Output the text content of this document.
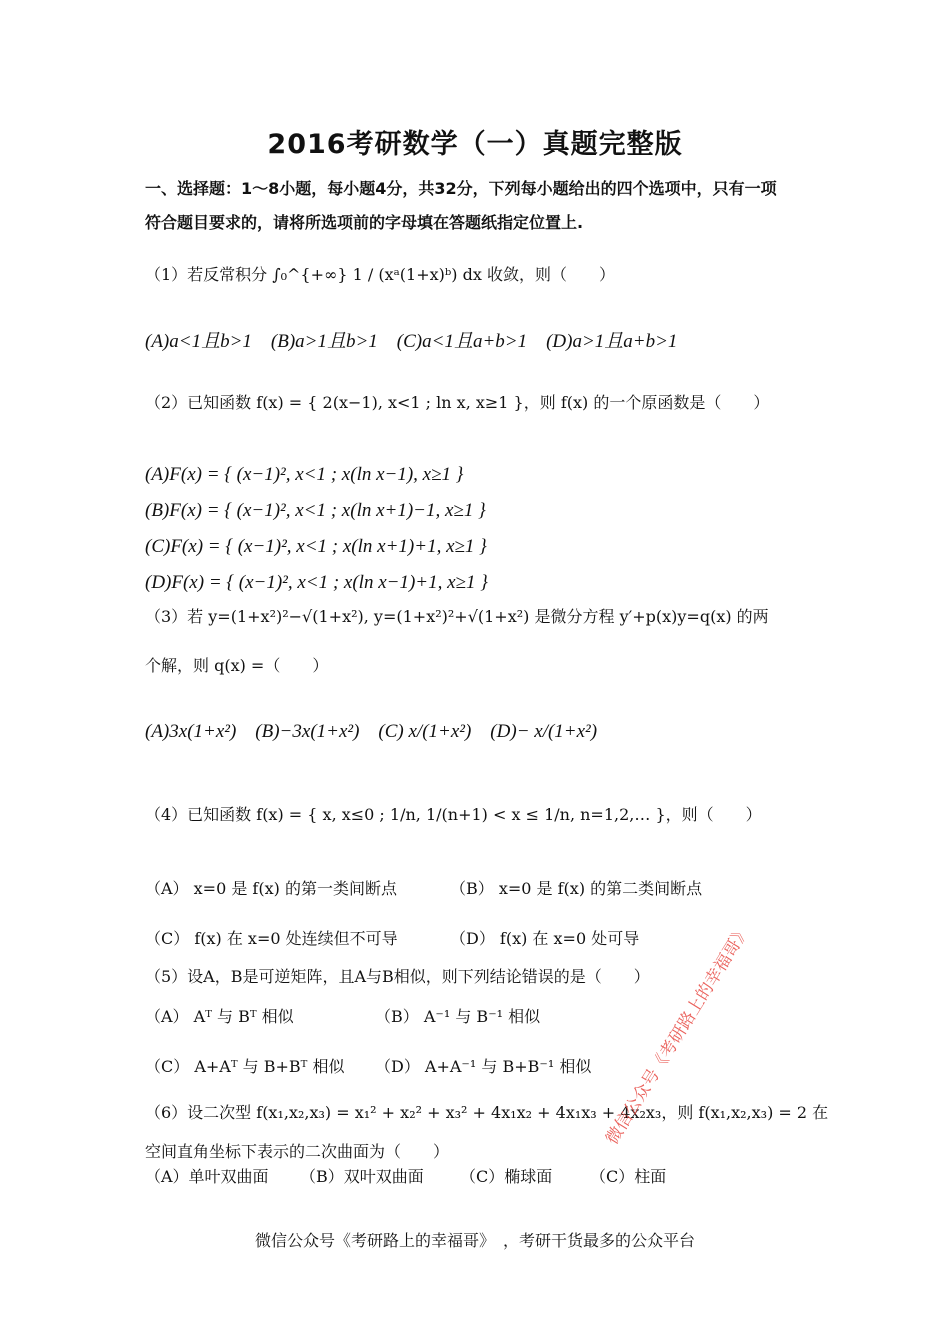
2016考研数学（一）真题完整版
一、选择题：1～8小题，每小题4分，共32分，下列每小题给出的四个选项中，只有一项
符合题目要求的，请将所选项前的字母填在答题纸指定位置上.
（1）若反常积分 ∫₀^{+∞} 1 / (xᵃ(1+x)ᵇ) dx 收敛，则（　　）
(A)a<1且b>1　(B)a>1且b>1　(C)a<1且a+b>1　(D)a>1且a+b>1
（2）已知函数 f(x) = { 2(x−1), x<1 ; ln x, x≥1 }，则 f(x) 的一个原函数是（　　）
(A)F(x) = { (x−1)², x<1 ; x(ln x−1), x≥1 }
(B)F(x) = { (x−1)², x<1 ; x(ln x+1)−1, x≥1 }
(C)F(x) = { (x−1)², x<1 ; x(ln x+1)+1, x≥1 }
(D)F(x) = { (x−1)², x<1 ; x(ln x−1)+1, x≥1 }
（3）若 y=(1+x²)²−√(1+x²), y=(1+x²)²+√(1+x²) 是微分方程 y′+p(x)y=q(x) 的两
个解，则 q(x) =（　　）
(A)3x(1+x²)　(B)−3x(1+x²)　(C) x/(1+x²)　(D)− x/(1+x²)
（4）已知函数 f(x) = { x, x≤0 ; 1/n, 1/(n+1) < x ≤ 1/n, n=1,2,… }，则（　　）
（A） x=0 是 f(x) 的第一类间断点	（B） x=0 是 f(x) 的第二类间断点
（C） f(x) 在 x=0 处连续但不可导	（D） f(x) 在 x=0 处可导
（5）设A，B是可逆矩阵，且A与B相似，则下列结论错误的是（　　）
（A） Aᵀ 与 Bᵀ 相似	（B） A⁻¹ 与 B⁻¹ 相似
（C） A+Aᵀ 与 B+Bᵀ 相似 （D） A+A⁻¹ 与 B+B⁻¹ 相似
（6）设二次型 f(x₁,x₂,x₃) = x₁² + x₂² + x₃² + 4x₁x₂ + 4x₁x₃ + 4x₂x₃，则 f(x₁,x₂,x₃) = 2 在
空间直角坐标下表示的二次曲面为（　　）
（A）单叶双曲面 （B）双叶双曲面 （C）椭球面 （C）柱面
微信公众号《考研路上的幸福哥》
微信公众号《考研路上的幸福哥》　，考研干货最多的公众平台
